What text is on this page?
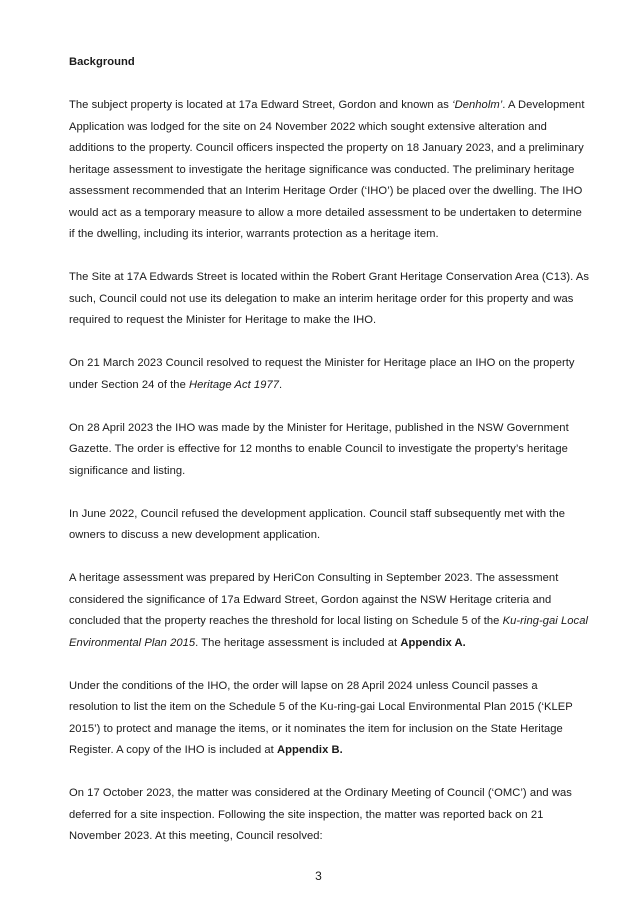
Background

The subject property is located at 17a Edward Street, Gordon and known as ‘Denholm’. A Development Application was lodged for the site on 24 November 2022 which sought extensive alteration and additions to the property. Council officers inspected the property on 18 January 2023, and a preliminary heritage assessment to investigate the heritage significance was conducted. The preliminary heritage assessment recommended that an Interim Heritage Order (‘IHO’) be placed over the dwelling. The IHO would act as a temporary measure to allow a more detailed assessment to be undertaken to determine if the dwelling, including its interior, warrants protection as a heritage item.

The Site at 17A Edwards Street is located within the Robert Grant Heritage Conservation Area (C13). As such, Council could not use its delegation to make an interim heritage order for this property and was required to request the Minister for Heritage to make the IHO.

On 21 March 2023 Council resolved to request the Minister for Heritage place an IHO on the property under Section 24 of the Heritage Act 1977.

On 28 April 2023 the IHO was made by the Minister for Heritage, published in the NSW Government Gazette. The order is effective for 12 months to enable Council to investigate the property’s heritage significance and listing.

In June 2022, Council refused the development application. Council staff subsequently met with the owners to discuss a new development application.

A heritage assessment was prepared by HeriCon Consulting in September 2023. The assessment considered the significance of 17a Edward Street, Gordon against the NSW Heritage criteria and concluded that the property reaches the threshold for local listing on Schedule 5 of the Ku-ring-gai Local Environmental Plan 2015. The heritage assessment is included at Appendix A.

Under the conditions of the IHO, the order will lapse on 28 April 2024 unless Council passes a resolution to list the item on the Schedule 5 of the Ku-ring-gai Local Environmental Plan 2015 (‘KLEP 2015’) to protect and manage the items, or it nominates the item for inclusion on the State Heritage Register. A copy of the IHO is included at Appendix B.

On 17 October 2023, the matter was considered at the Ordinary Meeting of Council (‘OMC’) and was deferred for a site inspection. Following the site inspection, the matter was reported back on 21 November 2023. At this meeting, Council resolved:

3
